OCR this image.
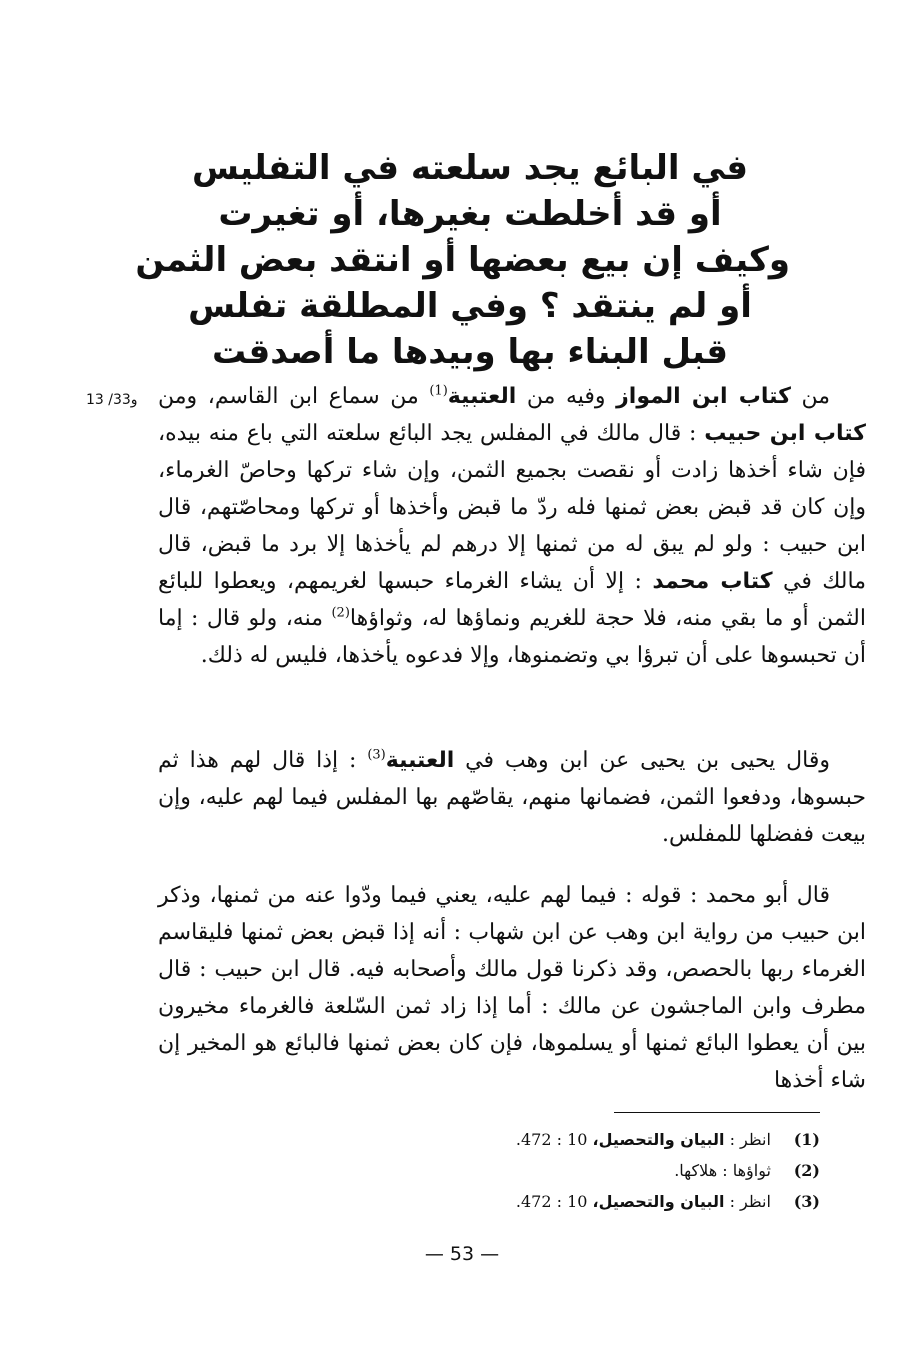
في البائع يجد سلعته في التفليس
أو قد أخلطت بغيرها، أو تغيرت
وكيف إن بيع بعضها أو انتقد بعض الثمن
أو لم ينتقد ؟ وفي المطلقة تفلس
قبل البناء بها وبيدها ما أصدقت
13 /33و	من كتاب ابن المواز وفيه من العتبية$^{(1)}$ من سماع ابن القاسم، ومن كتاب ابن حبيب : قال مالك في المفلس يجد البائع سلعته التي باع منه بيده، فإن شاء أخذها زادت أو نقصت بجميع الثمن، وإن شاء تركها وحاصّ الغرماء، وإن كان قد قبض بعض ثمنها فله ردّ ما قبض وأخذها أو تركها ومحاصّتهم، قال ابن حبيب : ولو لم يبق له من ثمنها إلا درهم لم يأخذها إلا برد ما قبض، قال مالك في كتاب محمد : إلا أن يشاء الغرماء حبسها لغريمهم، ويعطوا للبائع الثمن أو ما بقي منه، فلا حجة للغريم ونماؤها له، وثواؤها$^{(2)}$ منه، ولو قال : إما أن تحبسوها على أن تبرؤا بي وتضمنوها، وإلا فدعوه يأخذها، فليس له ذلك.
وقال يحيى بن يحيى عن ابن وهب في العتبية$^{(3)}$ : إذا قال لهم هذا ثم حبسوها، ودفعوا الثمن، فضمانها منهم، يقاصّهم بها المفلس فيما لهم عليه، وإن بيعت ففضلها للمفلس.
قال أبو محمد : قوله : فيما لهم عليه، يعني فيما ودّوا عنه من ثمنها، وذكر ابن حبيب من رواية ابن وهب عن ابن شهاب : أنه إذا قبض بعض ثمنها فليقاسم الغرماء ربها بالحصص، وقد ذكرنا قول مالك وأصحابه فيه. قال ابن حبيب : قال مطرف وابن الماجشون عن مالك : أما إذا زاد ثمن السّلعة فالغرماء مخيرون بين أن يعطوا البائع ثمنها أو يسلموها، فإن كان بعض ثمنها فالبائع هو المخير إن شاء أخذها
(1) انظر : البيان والتحصيل، 10 : 472.
(2) ثواؤها : هلاكها.
(3) انظر : البيان والتحصيل، 10 : 472.
— 53 —
